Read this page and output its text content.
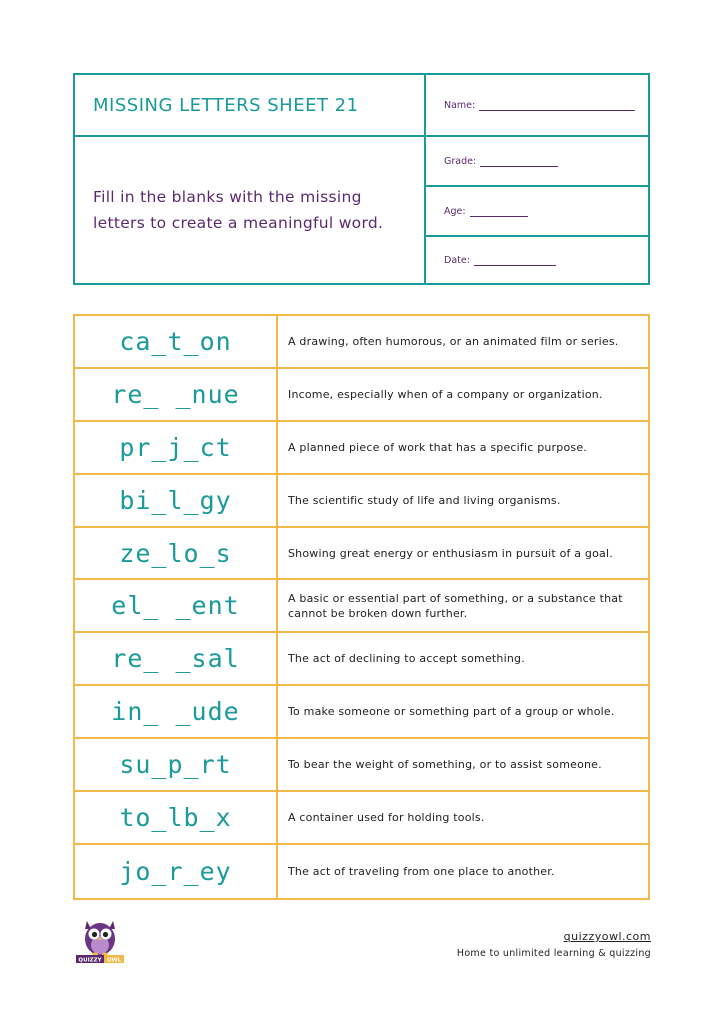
MISSING LETTERS SHEET 21
Fill in the blanks with the missing letters to create a meaningful word.
Name:
Grade:
Age:
Date:
ca_t_on	A drawing, often humorous, or an animated film or series.
re_ _nue	Income, especially when of a company or organization.
pr_j_ct	A planned piece of work that has a specific purpose.
bi_l_gy	The scientific study of life and living organisms.
ze_lo_s	Showing great energy or enthusiasm in pursuit of a goal.
el_ _ent	A basic or essential part of something, or a substance that cannot be broken down further.
re_ _sal	The act of declining to accept something.
in_ _ude	To make someone or something part of a group or whole.
su_p_rt	To bear the weight of something, or to assist someone.
to_lb_x	A container used for holding tools.
jo_r_ey	The act of traveling from one place to another.
QUIZZY OWL
quizzyowl.com
Home to unlimited learning & quizzing
